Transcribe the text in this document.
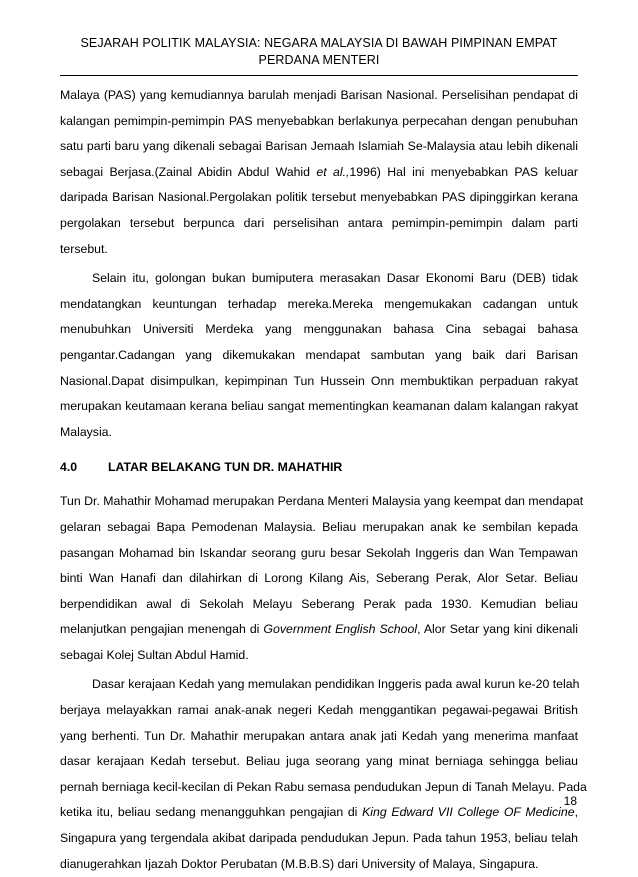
SEJARAH POLITIK MALAYSIA: NEGARA MALAYSIA DI BAWAH PIMPINAN EMPAT
PERDANA MENTERI
Malaya (PAS) yang kemudiannya barulah menjadi Barisan Nasional. Perselisihan pendapat di
kalangan pemimpin-pemimpin PAS menyebabkan berlakunya perpecahan dengan penubuhan
satu parti baru yang dikenali sebagai Barisan Jemaah Islamiah Se-Malaysia atau lebih dikenali
sebagai Berjasa.(Zainal Abidin Abdul Wahid et al.,1996) Hal ini menyebabkan PAS keluar
daripada Barisan Nasional.Pergolakan politik tersebut menyebabkan PAS dipinggirkan kerana
pergolakan tersebut berpunca dari perselisihan antara pemimpin-pemimpin dalam parti
tersebut.
Selain itu, golongan bukan bumiputera merasakan Dasar Ekonomi Baru (DEB) tidak
mendatangkan keuntungan terhadap mereka.Mereka mengemukakan cadangan untuk
menubuhkan Universiti Merdeka yang menggunakan bahasa Cina sebagai bahasa
pengantar.Cadangan yang dikemukakan mendapat sambutan yang baik dari Barisan
Nasional.Dapat disimpulkan, kepimpinan Tun Hussein Onn membuktikan perpaduan rakyat
merupakan keutamaan kerana beliau sangat mementingkan keamanan dalam kalangan rakyat
Malaysia.
4.0	LATAR BELAKANG TUN DR. MAHATHIR
Tun Dr. Mahathir Mohamad merupakan Perdana Menteri Malaysia yang keempat dan mendapat
gelaran sebagai Bapa Pemodenan Malaysia. Beliau merupakan anak ke sembilan kepada
pasangan Mohamad bin Iskandar seorang guru besar Sekolah Inggeris dan Wan Tempawan
binti Wan Hanafi dan dilahirkan di Lorong Kilang Ais, Seberang Perak, Alor Setar. Beliau
berpendidikan awal di Sekolah Melayu Seberang Perak pada 1930. Kemudian beliau
melanjutkan pengajian menengah di Government English School, Alor Setar yang kini dikenali
sebagai Kolej Sultan Abdul Hamid.
Dasar kerajaan Kedah yang memulakan pendidikan Inggeris pada awal kurun ke-20 telah
berjaya melayakkan ramai anak-anak negeri Kedah menggantikan pegawai-pegawai British
yang berhenti. Tun Dr. Mahathir merupakan antara anak jati Kedah yang menerima manfaat
dasar kerajaan Kedah tersebut. Beliau juga seorang yang minat berniaga sehingga beliau
pernah berniaga kecil-kecilan di Pekan Rabu semasa pendudukan Jepun di Tanah Melayu. Pada
ketika itu, beliau sedang menangguhkan pengajian di King Edward VII College OF Medicine,
Singapura yang tergendala akibat daripada pendudukan Jepun. Pada tahun 1953, beliau telah
dianugerahkan Ijazah Doktor Perubatan (M.B.B.S) dari University of Malaya, Singapura.
18
